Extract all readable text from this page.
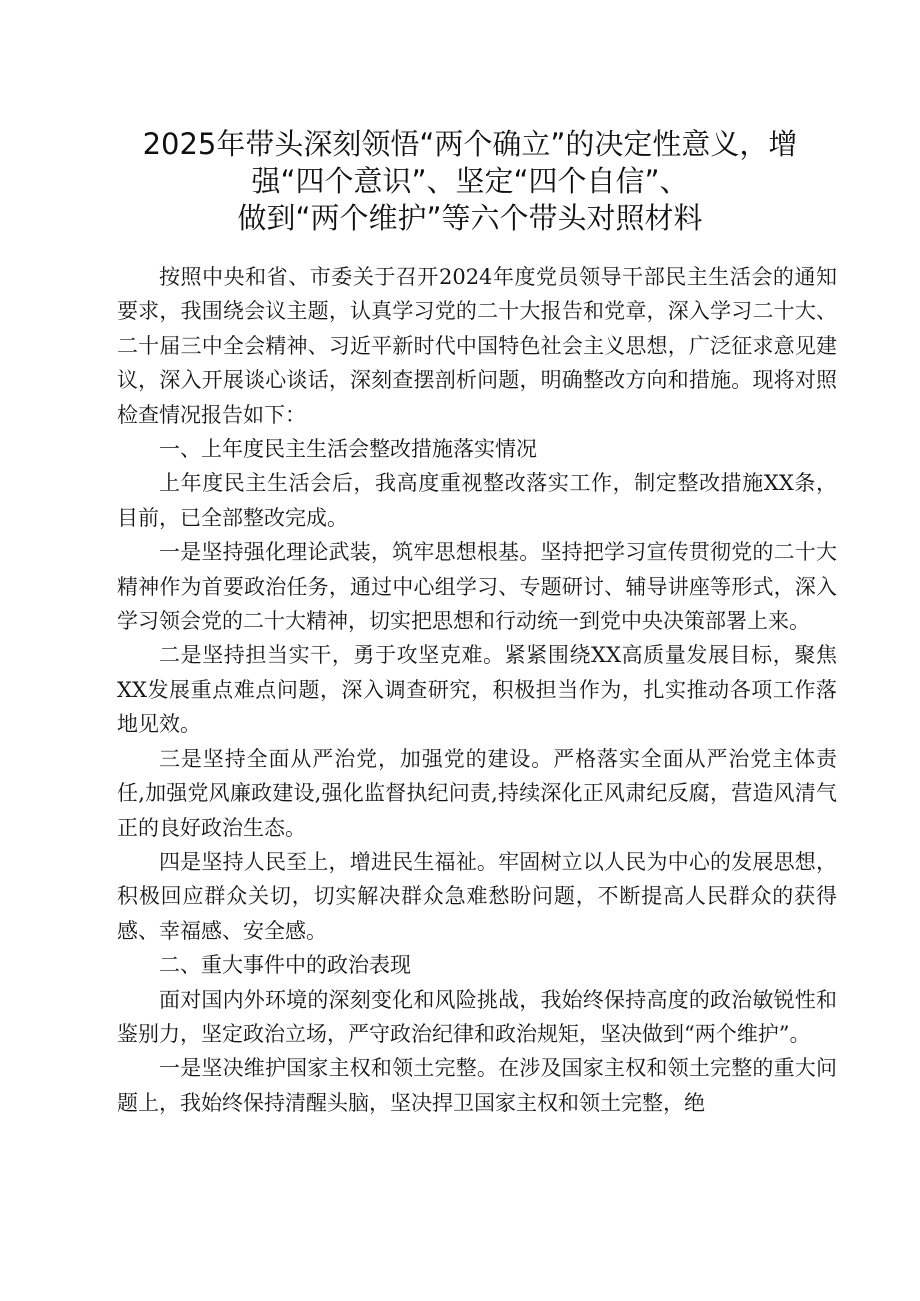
2025年带头深刻领悟“两个确立”的决定性意义，增
强“四个意识”、坚定“四个自信”、
做到“两个维护”等六个带头对照材料

按照中央和省、市委关于召开2024年度党员领导干部民主生活会的通知要求，我围绕会议主题，认真学习党的二十大报告和党章，深入学习二十大、二十届三中全会精神、习近平新时代中国特色社会主义思想，广泛征求意见建议，深入开展谈心谈话，深刻查摆剖析问题，明确整改方向和措施。现将对照检查情况报告如下：

一、上年度民主生活会整改措施落实情况

上年度民主生活会后，我高度重视整改落实工作，制定整改措施XX条，目前，已全部整改完成。

一是坚持强化理论武装，筑牢思想根基。坚持把学习宣传贯彻党的二十大精神作为首要政治任务，通过中心组学习、专题研讨、辅导讲座等形式，深入学习领会党的二十大精神，切实把思想和行动统一到党中央决策部署上来。

二是坚持担当实干，勇于攻坚克难。紧紧围绕XX高质量发展目标，聚焦XX发展重点难点问题，深入调查研究，积极担当作为，扎实推动各项工作落地见效。

三是坚持全面从严治党，加强党的建设。严格落实全面从严治党主体责任,加强党风廉政建设,强化监督执纪问责,持续深化正风肃纪反腐，营造风清气正的良好政治生态。

四是坚持人民至上，增进民生福祉。牢固树立以人民为中心的发展思想，积极回应群众关切，切实解决群众急难愁盼问题，不断提高人民群众的获得感、幸福感、安全感。

二、重大事件中的政治表现

面对国内外环境的深刻变化和风险挑战，我始终保持高度的政治敏锐性和鉴别力，坚定政治立场，严守政治纪律和政治规矩，坚决做到“两个维护”。

一是坚决维护国家主权和领土完整。在涉及国家主权和领土完整的重大问题上，我始终保持清醒头脑，坚决捍卫国家主权和领土完整，绝
